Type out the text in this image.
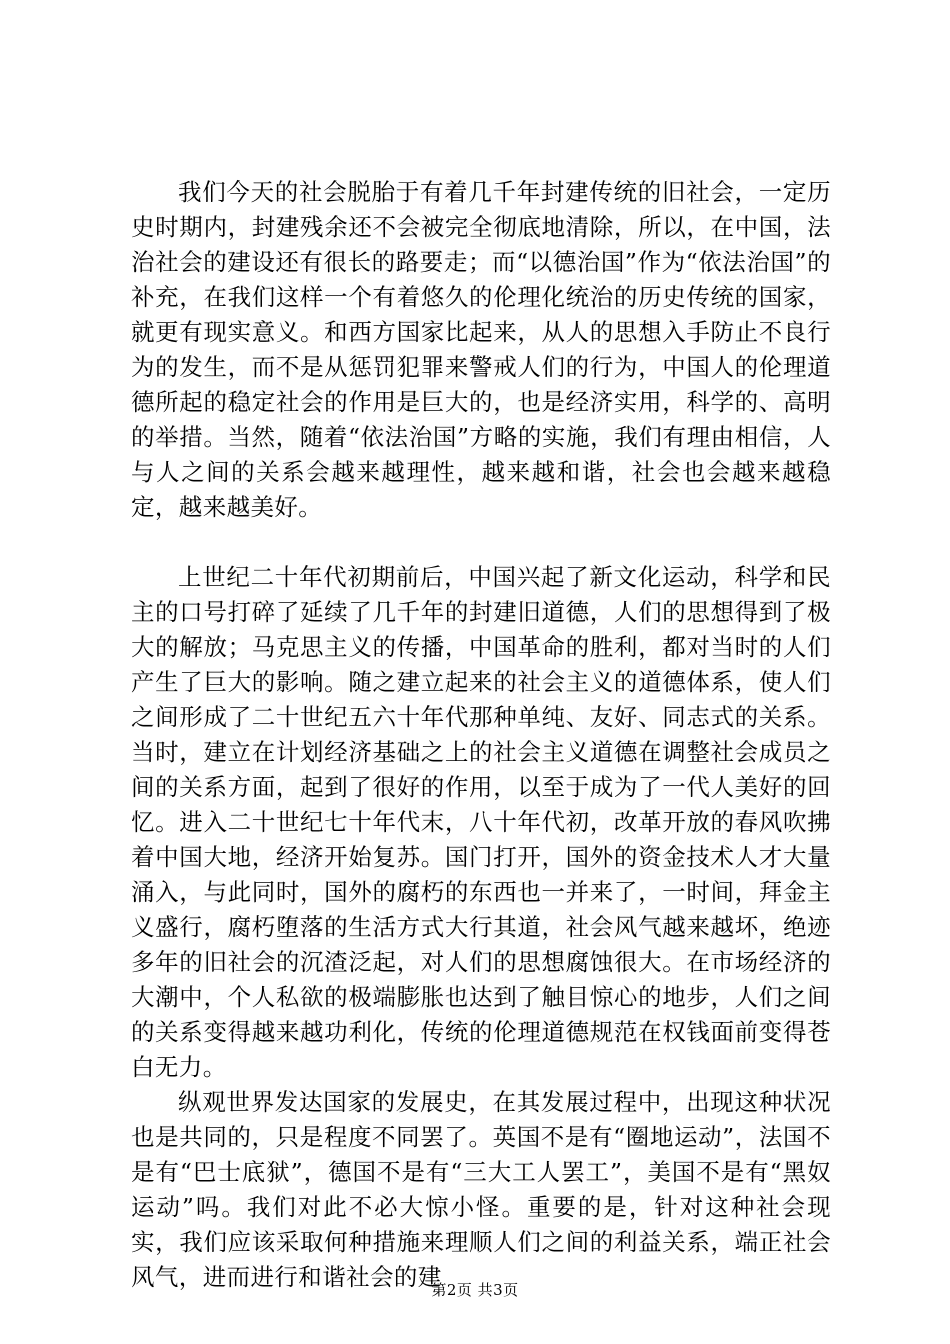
我们今天的社会脱胎于有着几千年封建传统的旧社会，一定历史时期内，封建残余还不会被完全彻底地清除，所以，在中国，法治社会的建设还有很长的路要走；而“以德治国”作为“依法治国”的补充，在我们这样一个有着悠久的伦理化统治的历史传统的国家，就更有现实意义。和西方国家比起来，从人的思想入手防止不良行为的发生，而不是从惩罚犯罪来警戒人们的行为，中国人的伦理道德所起的稳定社会的作用是巨大的，也是经济实用，科学的、高明的举措。当然，随着“依法治国”方略的实施，我们有理由相信，人与人之间的关系会越来越理性，越来越和谐，社会也会越来越稳定，越来越美好。

上世纪二十年代初期前后，中国兴起了新文化运动，科学和民主的口号打碎了延续了几千年的封建旧道德，人们的思想得到了极大的解放；马克思主义的传播，中国革命的胜利，都对当时的人们产生了巨大的影响。随之建立起来的社会主义的道德体系，使人们之间形成了二十世纪五六十年代那种单纯、友好、同志式的关系。当时，建立在计划经济基础之上的社会主义道德在调整社会成员之间的关系方面，起到了很好的作用，以至于成为了一代人美好的回忆。进入二十世纪七十年代末，八十年代初，改革开放的春风吹拂着中国大地，经济开始复苏。国门打开，国外的资金技术人才大量涌入，与此同时，国外的腐朽的东西也一并来了，一时间，拜金主义盛行，腐朽堕落的生活方式大行其道，社会风气越来越坏，绝迹多年的旧社会的沉渣泛起，对人们的思想腐蚀很大。在市场经济的大潮中，个人私欲的极端膨胀也达到了触目惊心的地步，人们之间的关系变得越来越功利化，传统的伦理道德规范在权钱面前变得苍白无力。

纵观世界发达国家的发展史，在其发展过程中，出现这种状况也是共同的，只是程度不同罢了。英国不是有“圈地运动”，法国不是有“巴士底狱”，德国不是有“三大工人罢工”，美国不是有“黑奴运动”吗。我们对此不必大惊小怪。重要的是，针对这种社会现实，我们应该采取何种措施来理顺人们之间的利益关系，端正社会风气，进而进行和谐社会的建

第2页 共3页
